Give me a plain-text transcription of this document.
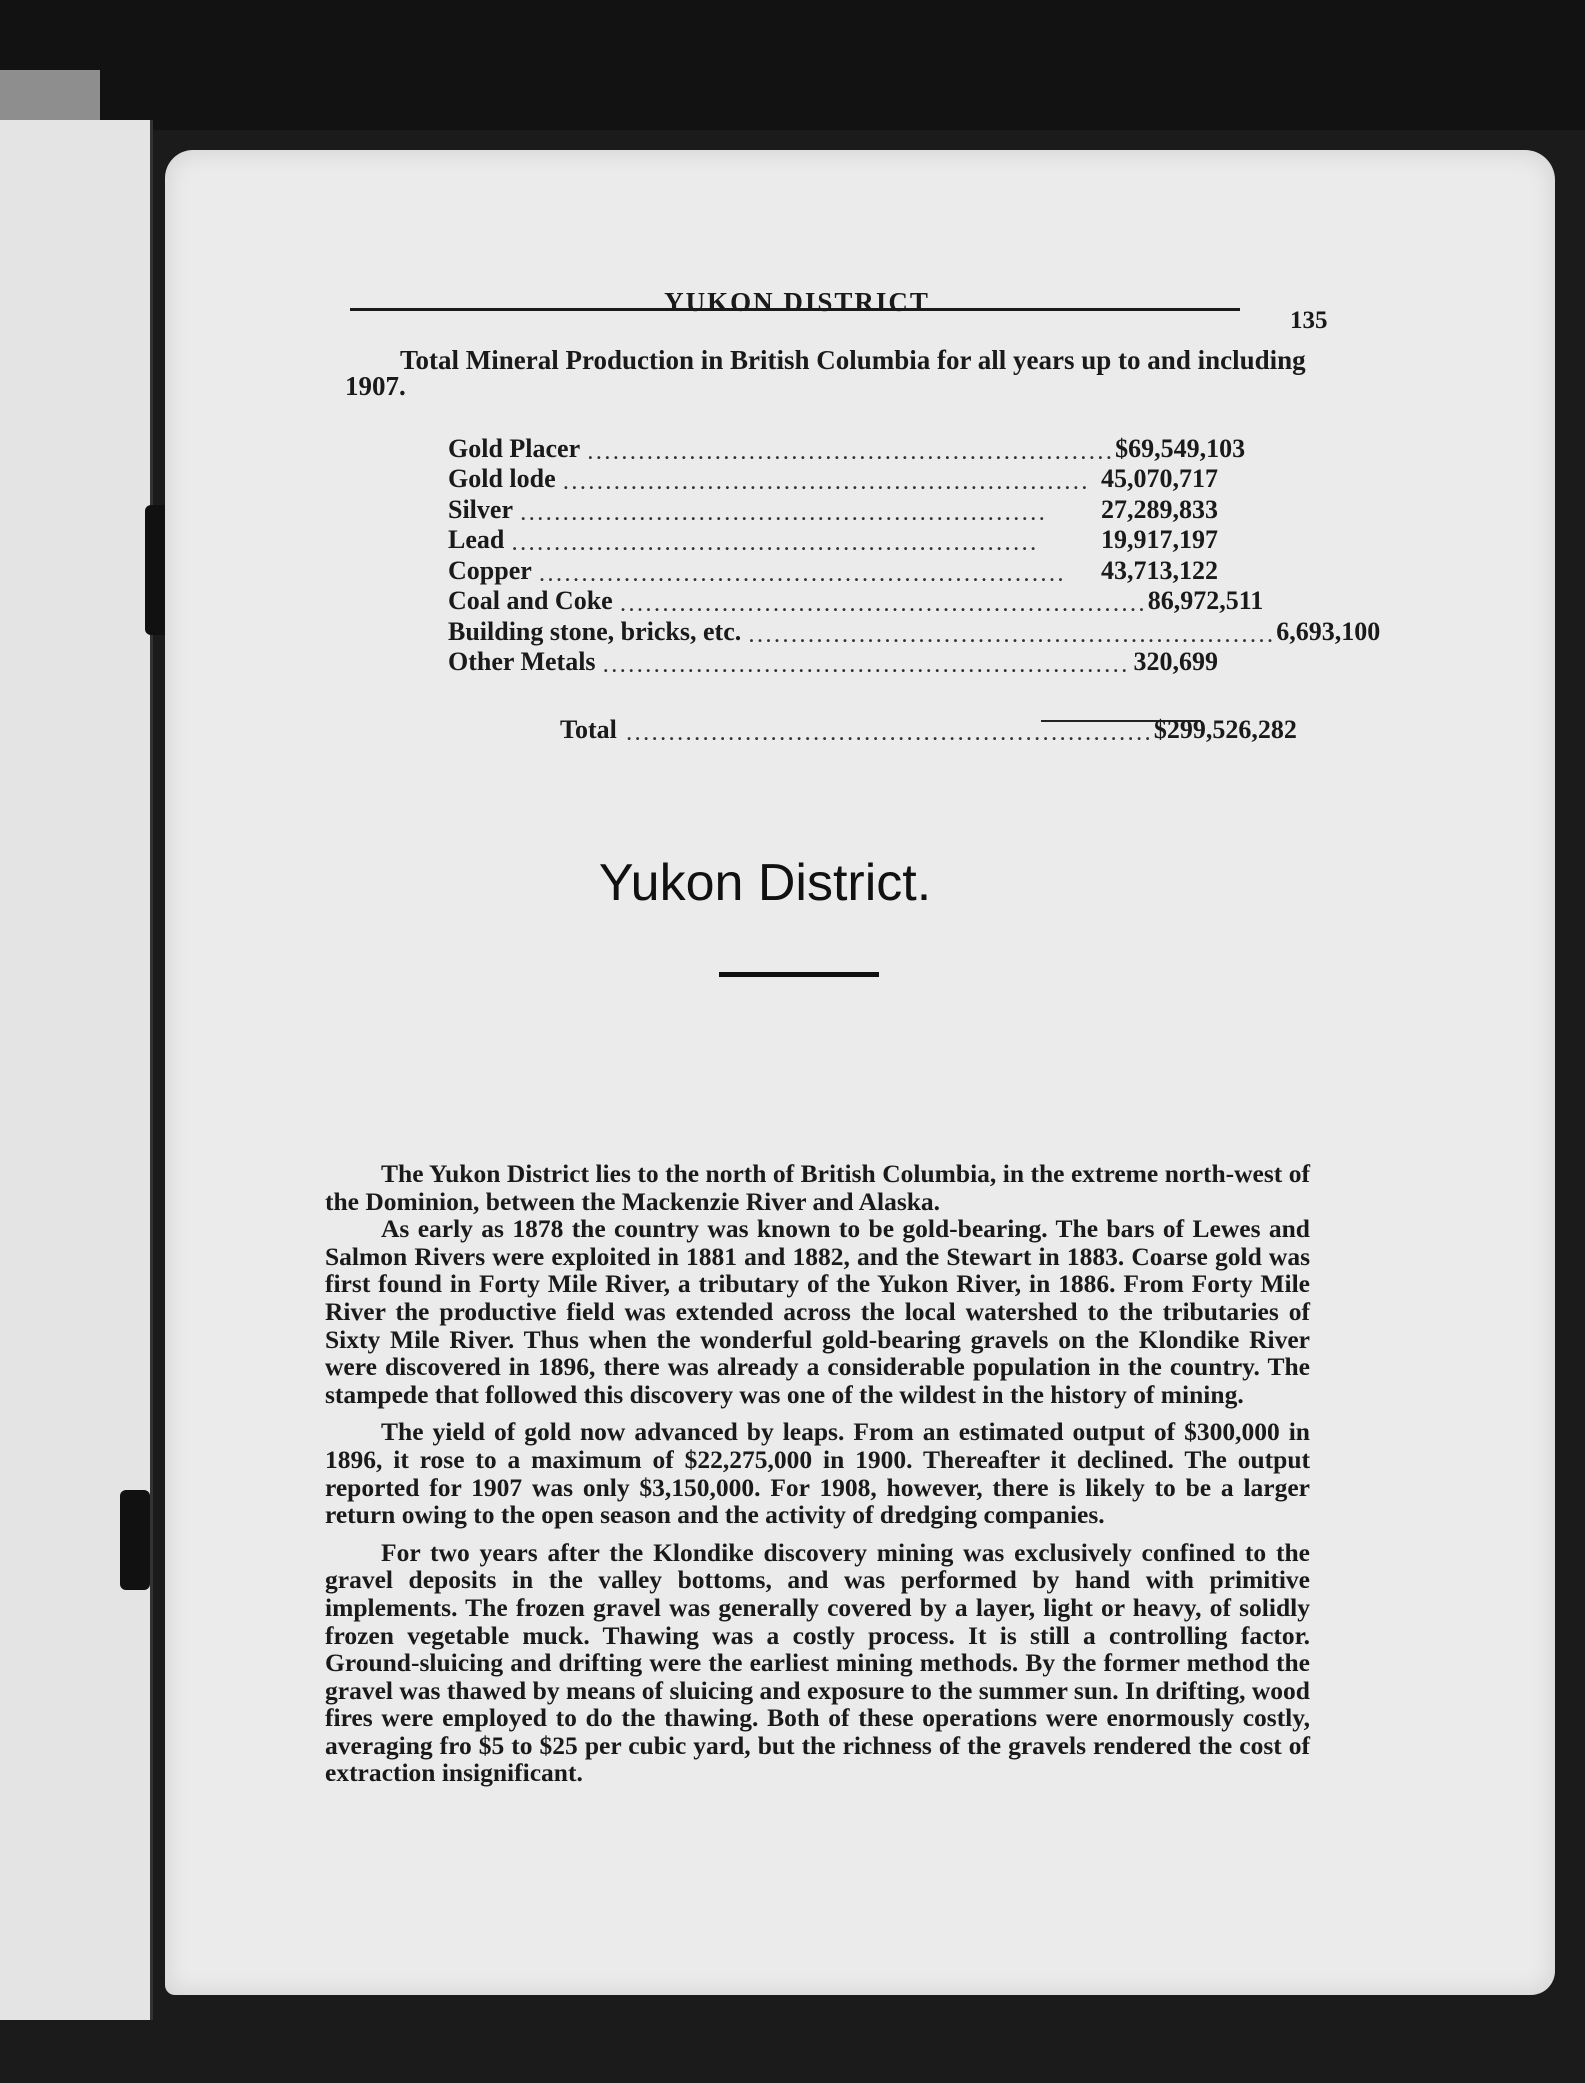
YUKON DISTRICT
135
Total Mineral Production in British Columbia for all years up to and including 1907.
Gold Placer .............................................................. $69,549,103
Gold lode .............................................................. 45,070,717
Silver ..............................................................	27,289,833
Lead ..............................................................	19,917,197
Copper ..............................................................	43,713,122
Coal and Coke .............................................................. 86,972,511
Building stone, bricks, etc. .............................................................. 6,693,100
Other Metals .............................................................. 320,699
Total .............................................................. $299,526,282
Yukon District.

The Yukon District lies to the north of British Columbia, in the extreme north-west of the Dominion, between the Mackenzie River and Alaska.

As early as 1878 the country was known to be gold-bearing. The bars of Lewes and Salmon Rivers were exploited in 1881 and 1882, and the Stewart in 1883. Coarse gold was first found in Forty Mile River, a tributary of the Yukon River, in 1886. From Forty Mile River the productive field was extended across the local watershed to the tributaries of Sixty Mile River. Thus when the wonderful gold-bearing gravels on the Klondike River were discovered in 1896, there was already a considerable population in the country. The stampede that followed this discovery was one of the wildest in the history of mining.

The yield of gold now advanced by leaps. From an estimated output of $300,000 in 1896, it rose to a maximum of $22,275,000 in 1900. Thereafter it declined. The output reported for 1907 was only $3,150,000. For 1908, however, there is likely to be a larger return owing to the open season and the activity of dredging companies.

For two years after the Klondike discovery mining was exclusively confined to the gravel deposits in the valley bottoms, and was performed by hand with primitive implements. The frozen gravel was generally covered by a layer, light or heavy, of solidly frozen vegetable muck. Thawing was a costly process. It is still a controlling factor. Ground-sluicing and drifting were the earliest mining methods. By the former method the gravel was thawed by means of sluicing and exposure to the summer sun. In drifting, wood fires were employed to do the thawing. Both of these operations were enormously costly, averaging fro $5 to $25 per cubic yard, but the richness of the gravels rendered the cost of extraction insignificant.
